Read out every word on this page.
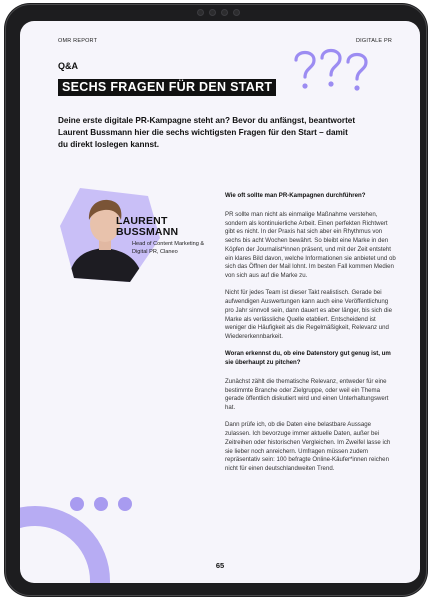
OMR REPORT	DIGITALE PR
Q&A
SECHS FRAGEN FÜR DEN START
Deine erste digitale PR-Kampagne steht an? Bevor du anfängst, beantwortet Laurent Bussmann hier die sechs wichtigsten Fragen für den Start – damit du direkt loslegen kannst.
LAURENT
BUSSMANN
Head of Content Marketing &
Digital PR, Claneo

Wie oft sollte man PR-Kampagnen durchführen?

PR sollte man nicht als einmalige Maßnahme verstehen, sondern als kontinuierliche Arbeit. Einen perfekten Richtwert gibt es nicht. In der Praxis hat sich aber ein Rhythmus von sechs bis acht Wochen bewährt. So bleibt eine Marke in den Köpfen der Journalist*innen präsent, und mit der Zeit entsteht ein klares Bild davon, welche Informationen sie anbietet und ob sich das Öffnen der Mail lohnt. Im besten Fall kommen Medien von sich aus auf die Marke zu.

Nicht für jedes Team ist dieser Takt realistisch. Gerade bei aufwendigen Auswertungen kann auch eine Veröffentlichung pro Jahr sinnvoll sein, dann dauert es aber länger, bis sich die Marke als verlässliche Quelle etabliert. Entscheidend ist weniger die Häufigkeit als die Regelmäßigkeit, Relevanz und Wiedererkennbarkeit.

Woran erkennst du, ob eine Datenstory gut genug ist, um sie überhaupt zu pitchen?

Zunächst zählt die thematische Relevanz, entweder für eine bestimmte Branche oder Zielgruppe, oder weil ein Thema gerade öffentlich diskutiert wird und einen Unterhaltungswert hat.

Dann prüfe ich, ob die Daten eine belastbare Aussage zulassen. Ich bevorzuge immer aktuelle Daten, außer bei Zeitreihen oder historischen Vergleichen. Im Zweifel lasse ich sie lieber noch anreichern. Umfragen müssen zudem repräsentativ sein: 100 befragte Online-Käufer*innen reichen nicht für einen deutschlandweiten Trend.

65
